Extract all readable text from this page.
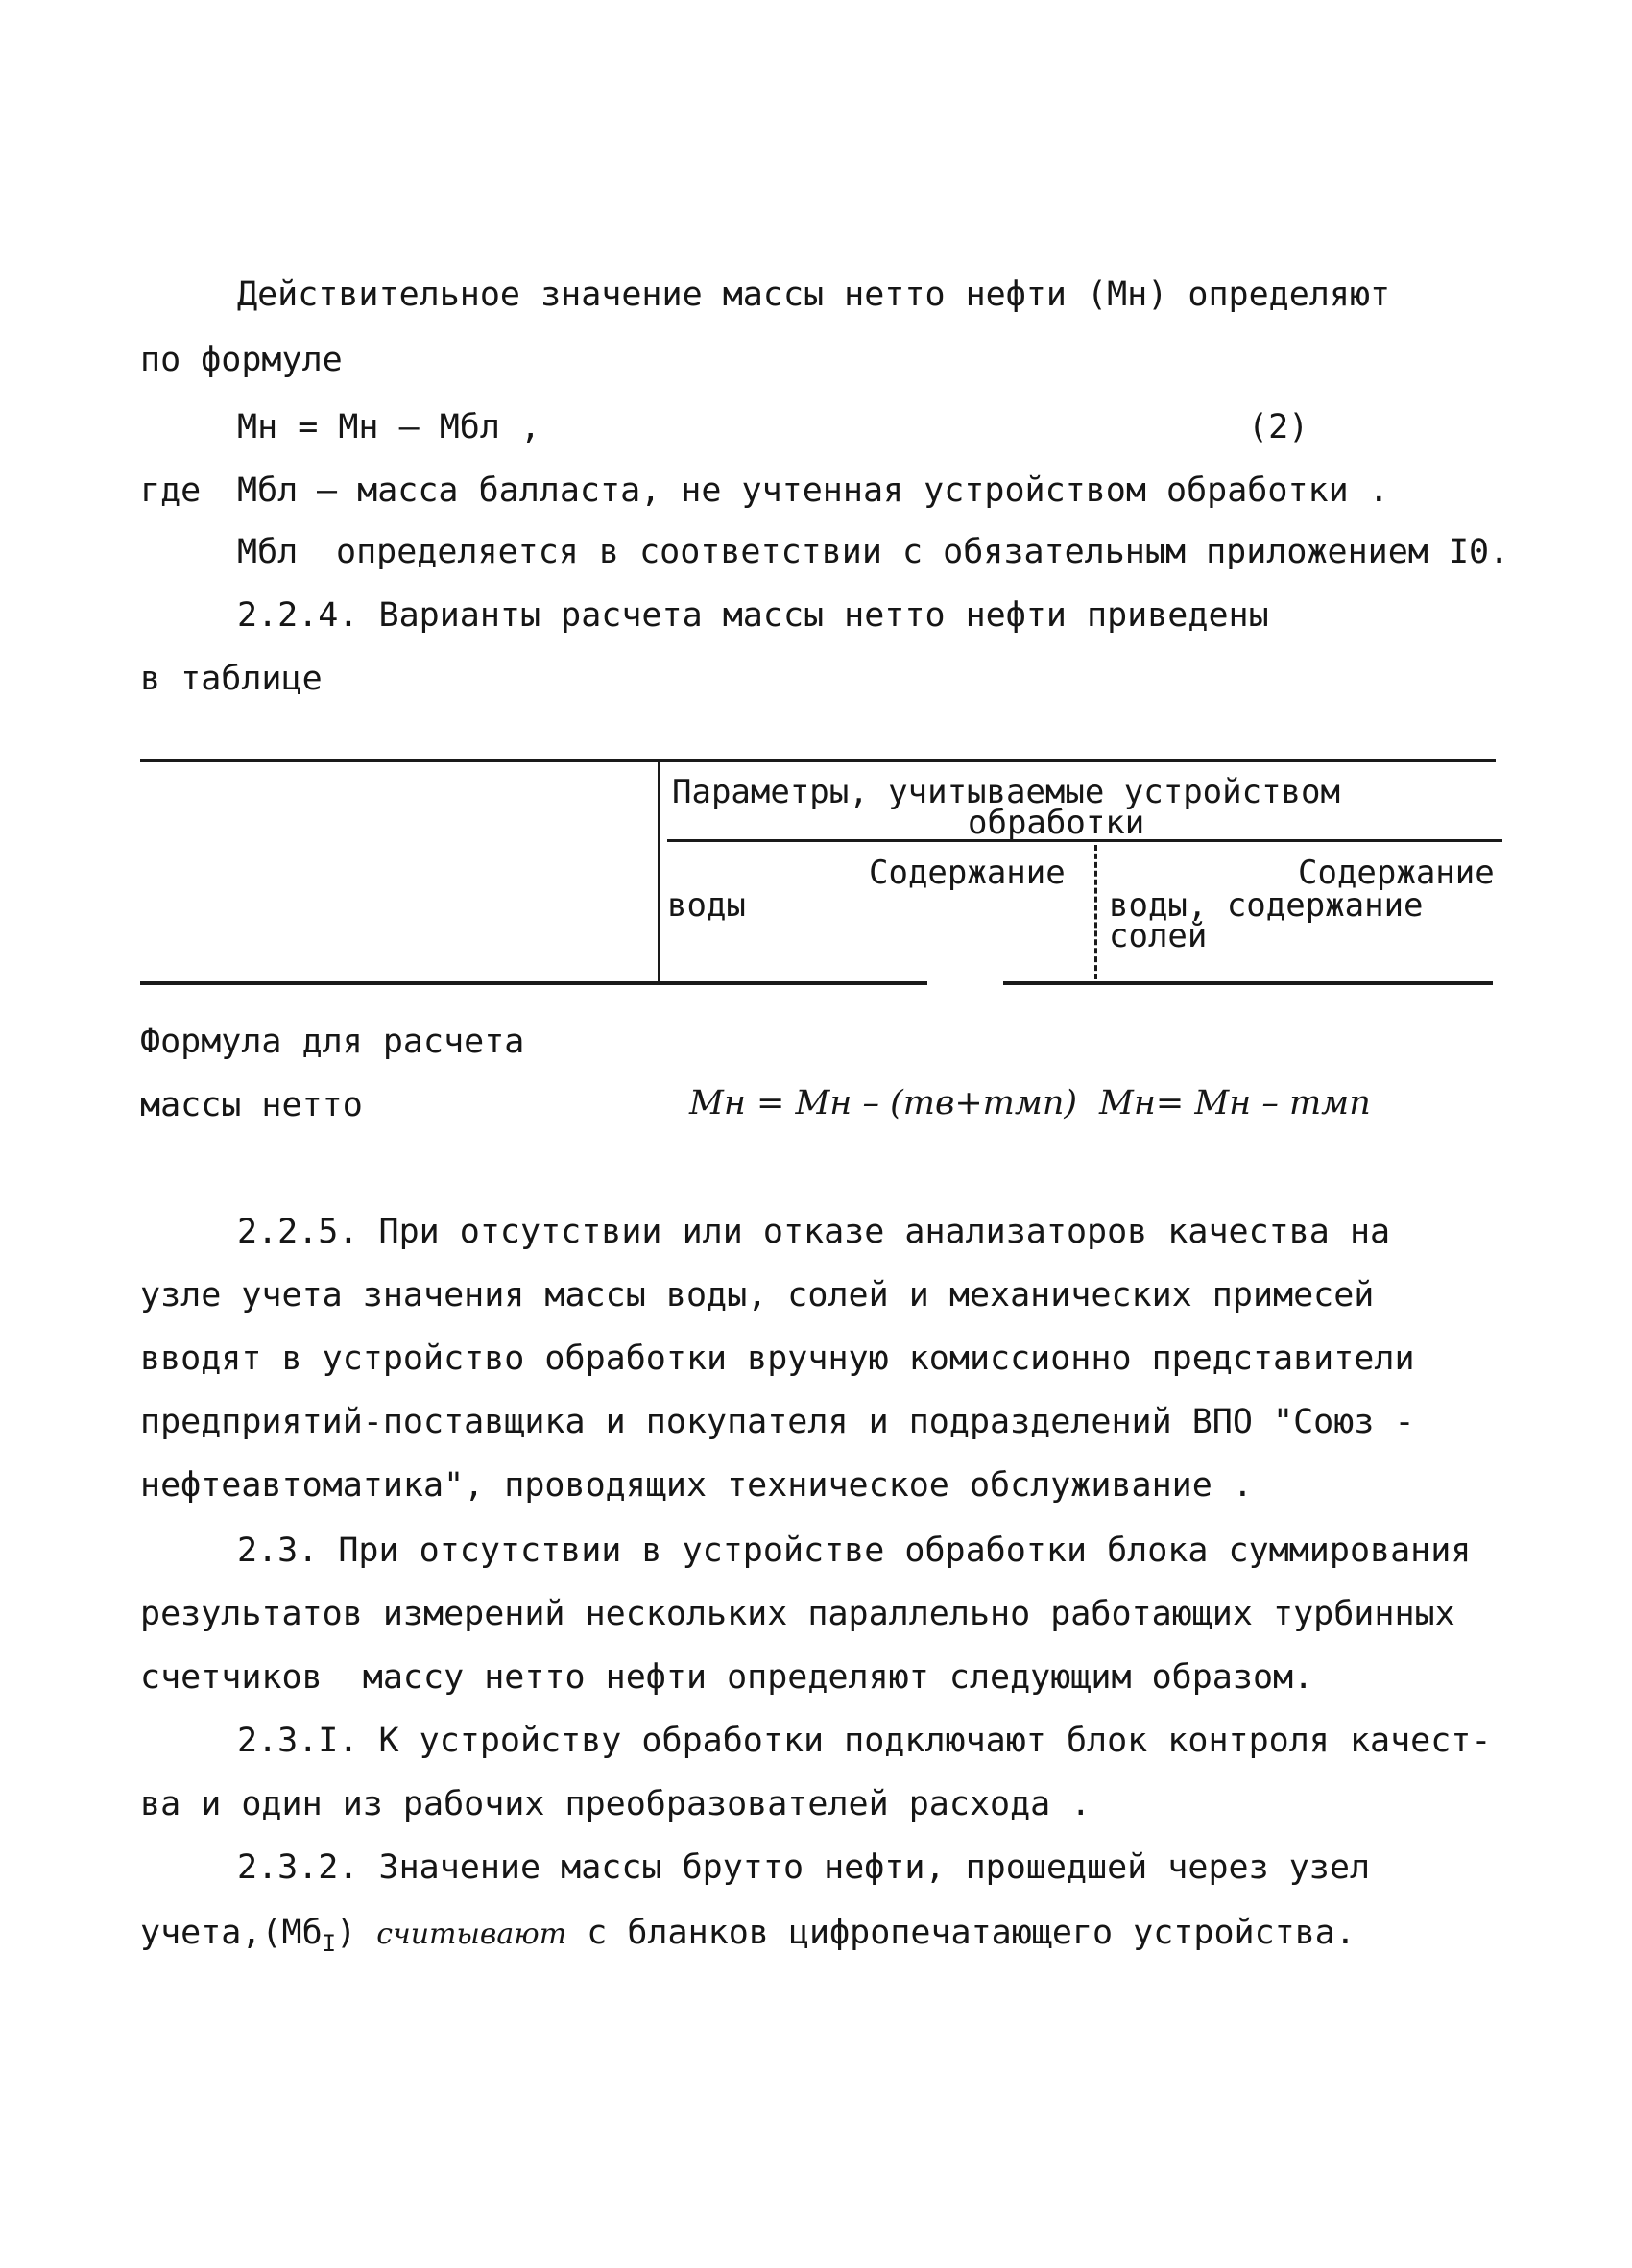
Действительное значение массы нетто нефти (Мн) определяют
по формуле
Мн = Мн – Мбл ,	(2)
где Мбл – масса балласта, не учтенная устройством обработки .
Мбл определяется в соответствии с обязательным приложением I0.
2.2.4. Варианты расчета массы нетто нефти приведены
в таблице
Параметры, учитываемые устройством
обработки
Содержание
воды
Содержание
воды, содержание
солей
Формула для расчета
массы нетто	Мн = Мн – (mв+mмп) Мн= Мн – mмп
2.2.5. При отсутствии или отказе анализаторов качества на
узле учета значения массы воды, солей и механических примесей
вводят в устройство обработки вручную комиссионно представители
предприятий-поставщика и покупателя и подразделений ВПО "Союз -
нефтеавтоматика", проводящих техническое обслуживание .
2.3. При отсутствии в устройстве обработки блока суммирования
результатов измерений нескольких параллельно работающих турбинных
счетчиков  массу нетто нефти определяют следующим образом.
2.3.I. К устройству обработки подключают блок контроля качест-
ва и один из рабочих преобразователей расхода .
2.3.2. Значение массы брутто нефти, прошедшей через узел
$учета,(Мб_I)$ считывают с бланков цифропечатающего устройства.
